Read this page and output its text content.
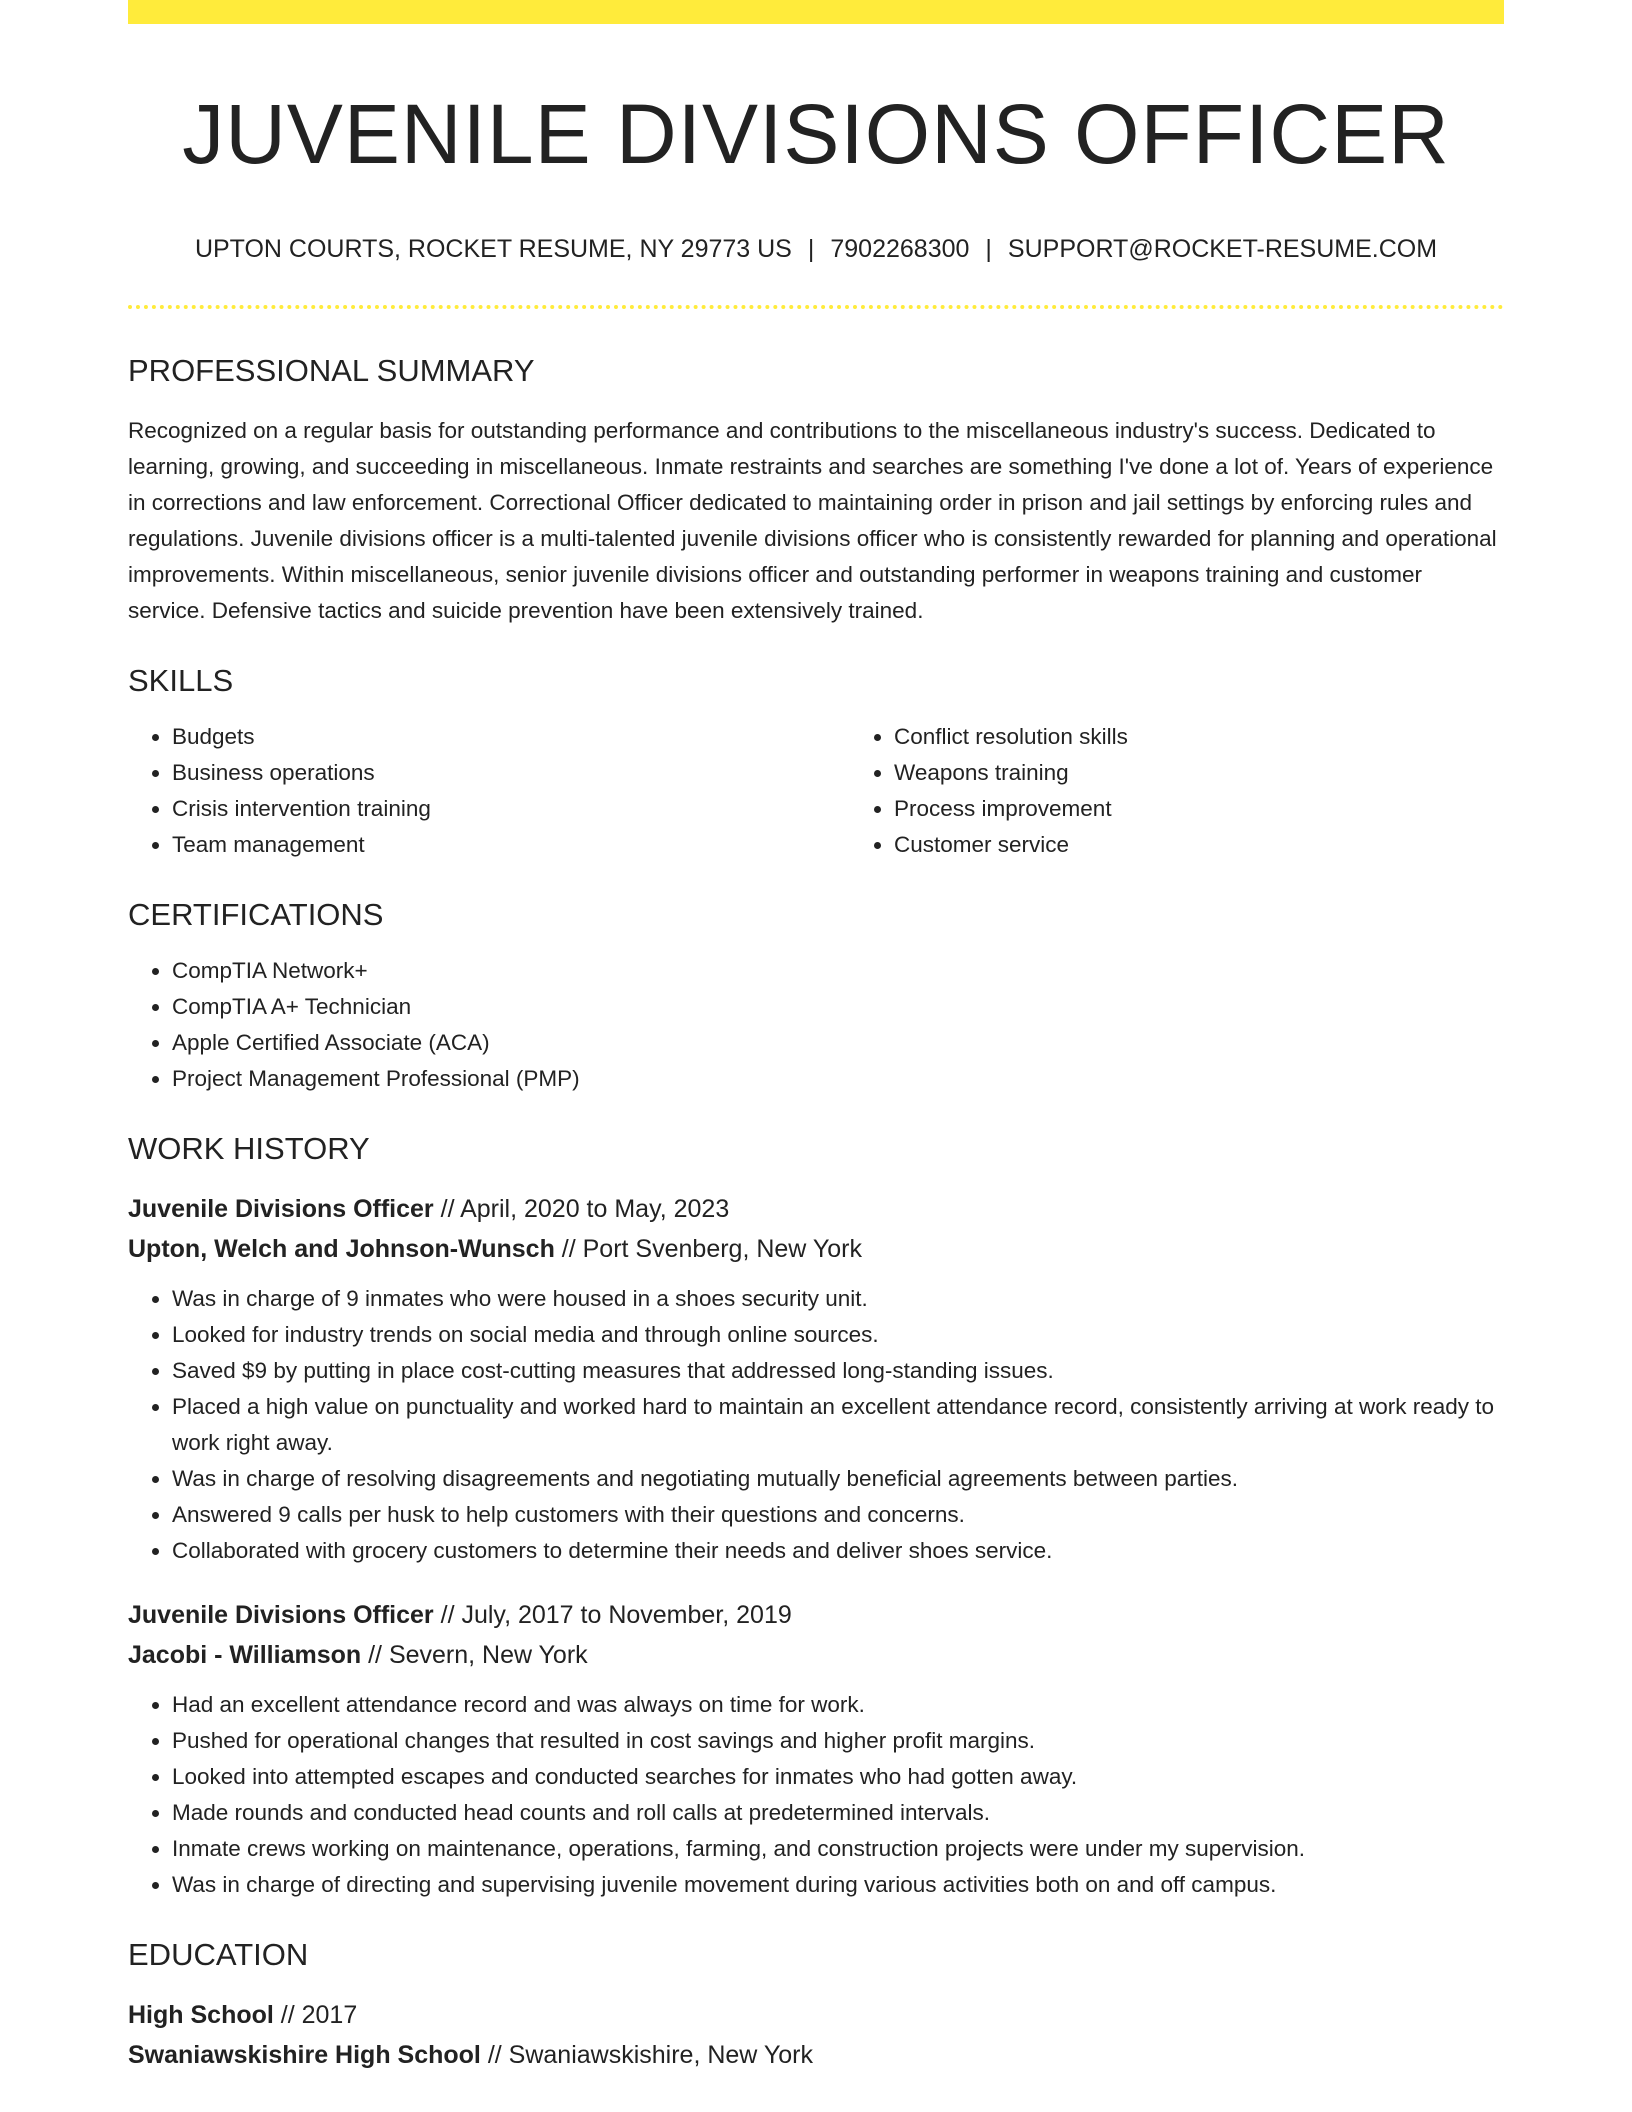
JUVENILE DIVISIONS OFFICER
UPTON COURTS, ROCKET RESUME, NY 29773 US | 7902268300 | SUPPORT@ROCKET-RESUME.COM
PROFESSIONAL SUMMARY

Recognized on a regular basis for outstanding performance and contributions to the miscellaneous industry's success. Dedicated to learning, growing, and succeeding in miscellaneous. Inmate restraints and searches are something I've done a lot of. Years of experience in corrections and law enforcement. Correctional Officer dedicated to maintaining order in prison and jail settings by enforcing rules and regulations. Juvenile divisions officer is a multi-talented juvenile divisions officer who is consistently rewarded for planning and operational improvements. Within miscellaneous, senior juvenile divisions officer and outstanding performer in weapons training and customer service. Defensive tactics and suicide prevention have been extensively trained.

SKILLS
• Budgets
• Business operations
• Crisis intervention training
• Team management
• Conflict resolution skills
• Weapons training
• Process improvement
• Customer service
CERTIFICATIONS
• CompTIA Network+
• CompTIA A+ Technician
• Apple Certified Associate (ACA)
• Project Management Professional (PMP)
WORK HISTORY
Juvenile Divisions Officer // April, 2020 to May, 2023
Upton, Welch and Johnson-Wunsch // Port Svenberg, New York
• Was in charge of 9 inmates who were housed in a shoes security unit.
• Looked for industry trends on social media and through online sources.
• Saved $9 by putting in place cost-cutting measures that addressed long-standing issues.
• Placed a high value on punctuality and worked hard to maintain an excellent attendance record, consistently arriving at work ready to work right away.
• Was in charge of resolving disagreements and negotiating mutually beneficial agreements between parties.
• Answered 9 calls per husk to help customers with their questions and concerns.
• Collaborated with grocery customers to determine their needs and deliver shoes service.
Juvenile Divisions Officer // July, 2017 to November, 2019
Jacobi - Williamson // Severn, New York
• Had an excellent attendance record and was always on time for work.
• Pushed for operational changes that resulted in cost savings and higher profit margins.
• Looked into attempted escapes and conducted searches for inmates who had gotten away.
• Made rounds and conducted head counts and roll calls at predetermined intervals.
• Inmate crews working on maintenance, operations, farming, and construction projects were under my supervision.
• Was in charge of directing and supervising juvenile movement during various activities both on and off campus.
EDUCATION
High School // 2017
Swaniawskishire High School // Swaniawskishire, New York
